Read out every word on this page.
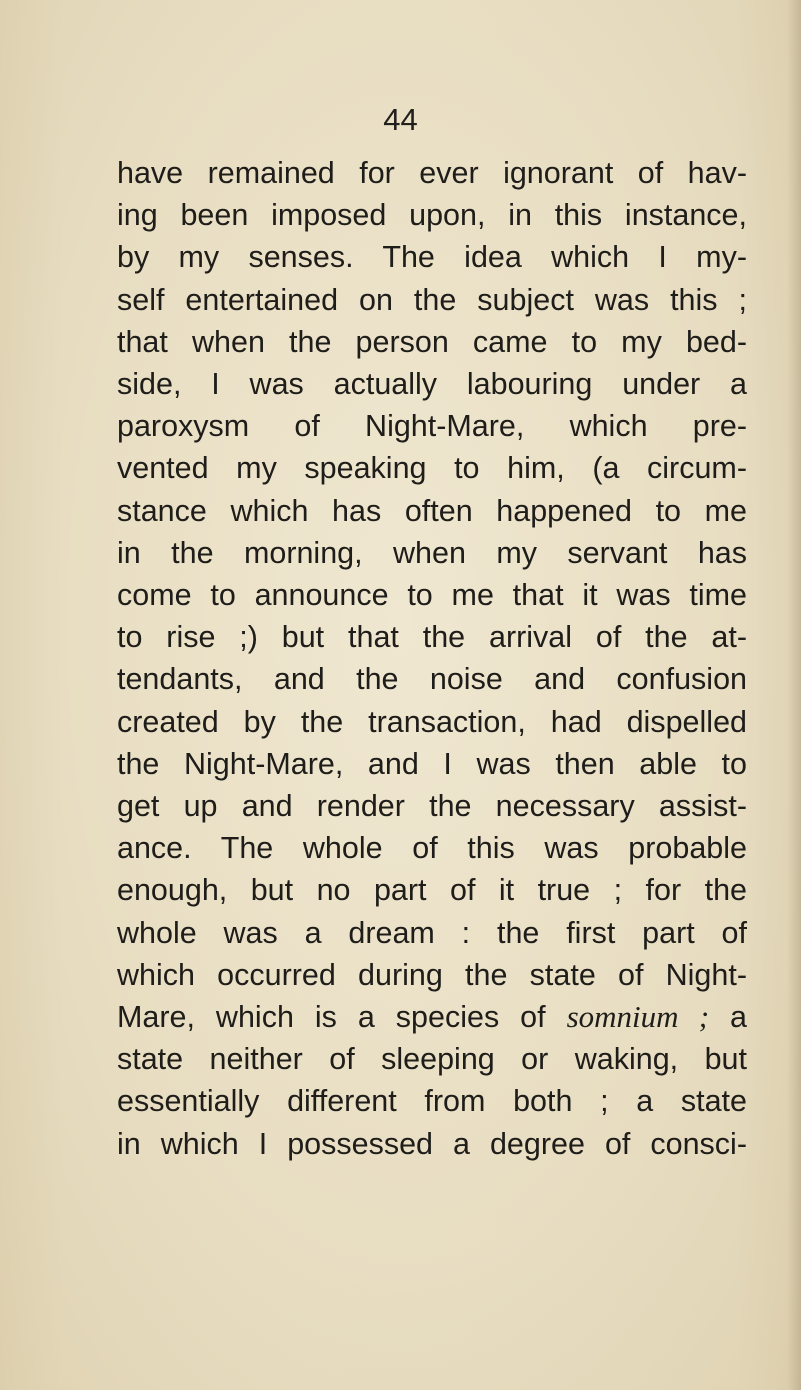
44
have remained for ever ignorant of hav-
ing been imposed upon, in this instance,
by my senses. The idea which I my-
self entertained on the subject was this ;
that when the person came to my bed-
side, I was actually labouring under a
paroxysm of Night-Mare, which pre-
vented my speaking to him, (a circum-
stance which has often happened to me
in the morning, when my servant has
come to announce to me that it was time
to rise ;) but that the arrival of the at-
tendants, and the noise and confusion
created by the transaction, had dispelled
the Night-Mare, and I was then able to
get up and render the necessary assist-
ance. The whole of this was probable
enough, but no part of it true ; for the
whole was a dream : the first part of
which occurred during the state of Night-
Mare, which is a species of somnium ; a
state neither of sleeping or waking, but
essentially different from both ; a state
in which I possessed a degree of consci-
